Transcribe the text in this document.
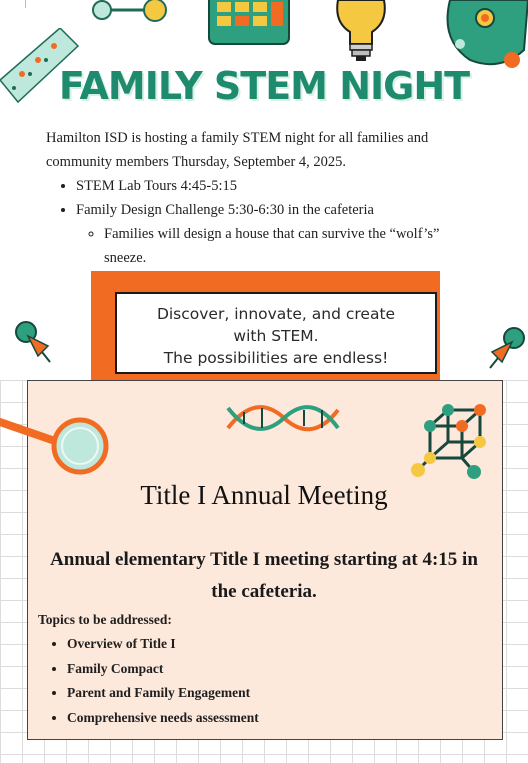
FAMILY STEM NIGHT

Hamilton ISD is hosting a family STEM night for all families and community members Thursday, September 4, 2025.

• STEM Lab Tours 4:45-5:15
• Family Design Challenge 5:30-6:30 in the cafeteria
◦ Families will design a house that can survive the “wolf’s” sneeze.
Discover, innovate, and create
with STEM.
The possibilities are endless!
Title I Annual Meeting
Annual elementary Title I meeting starting at 4:15 in the cafeteria.

Topics to be addressed:

• Overview of Title I
• Family Compact
• Parent and Family Engagement
• Comprehensive needs assessment
